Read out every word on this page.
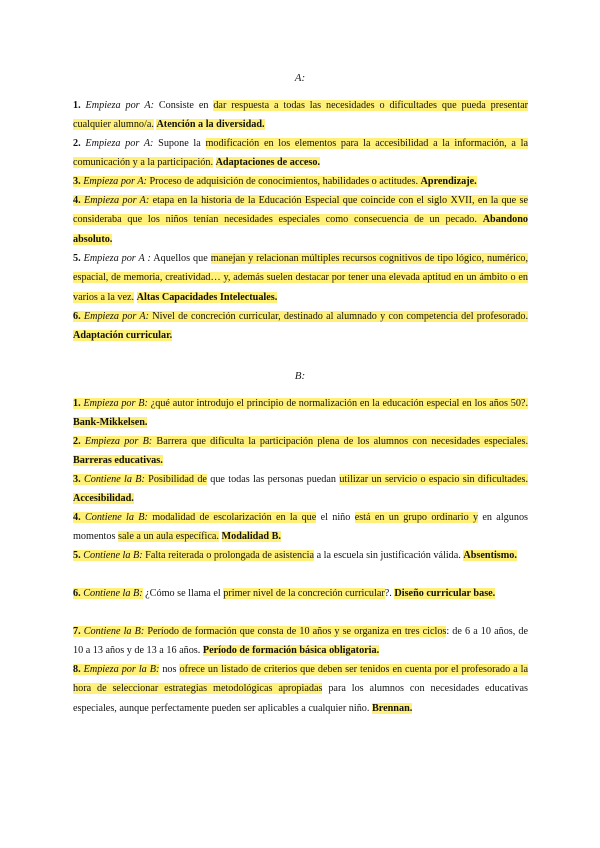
A:
1. Empieza por A: Consiste en dar respuesta a todas las necesidades o dificultades que pueda presentar cualquier alumno/a. Atención a la diversidad.
2. Empieza por A: Supone la modificación en los elementos para la accesibilidad a la información, a la comunicación y a la participación. Adaptaciones de acceso.
3. Empieza por A: Proceso de adquisición de conocimientos, habilidades o actitudes. Aprendizaje.
4. Empieza por A: etapa en la historia de la Educación Especial que coincide con el siglo XVII, en la que se consideraba que los niños tenían necesidades especiales como consecuencia de un pecado. Abandono absoluto.
5. Empieza por A : Aquellos que manejan y relacionan múltiples recursos cognitivos de tipo lógico, numérico, espacial, de memoria, creatividad… y, además suelen destacar por tener una elevada aptitud en un ámbito o en varios a la vez. Altas Capacidades Intelectuales.
6. Empieza por A: Nivel de concreción curricular, destinado al alumnado y con competencia del profesorado. Adaptación curricular.
B:
1. Empieza por B: ¿qué autor introdujo el principio de normalización en la educación especial en los años 50?. Bank-Mikkelsen.
2. Empieza por B: Barrera que dificulta la participación plena de los alumnos con necesidades especiales. Barreras educativas.
3. Contiene la B: Posibilidad de que todas las personas puedan utilizar un servicio o espacio sin dificultades. Accesibilidad.
4. Contiene la B: modalidad de escolarización en la que el niño está en un grupo ordinario y en algunos momentos sale a un aula específica. Modalidad B.
5. Contiene la B: Falta reiterada o prolongada de asistencia a la escuela sin justificación válida. Absentismo.
6. Contiene la B: ¿Cómo se llama el primer nivel de la concreción curricular?. Diseño curricular base.
7. Contiene la B: Período de formación que consta de 10 años y se organiza en tres ciclos: de 6 a 10 años, de 10 a 13 años y de 13 a 16 años. Período de formación básica obligatoria.
8. Empieza por la B: nos ofrece un listado de criterios que deben ser tenidos en cuenta por el profesorado a la hora de seleccionar estrategias metodológicas apropiadas para los alumnos con necesidades educativas especiales, aunque perfectamente pueden ser aplicables a cualquier niño. Brennan.
